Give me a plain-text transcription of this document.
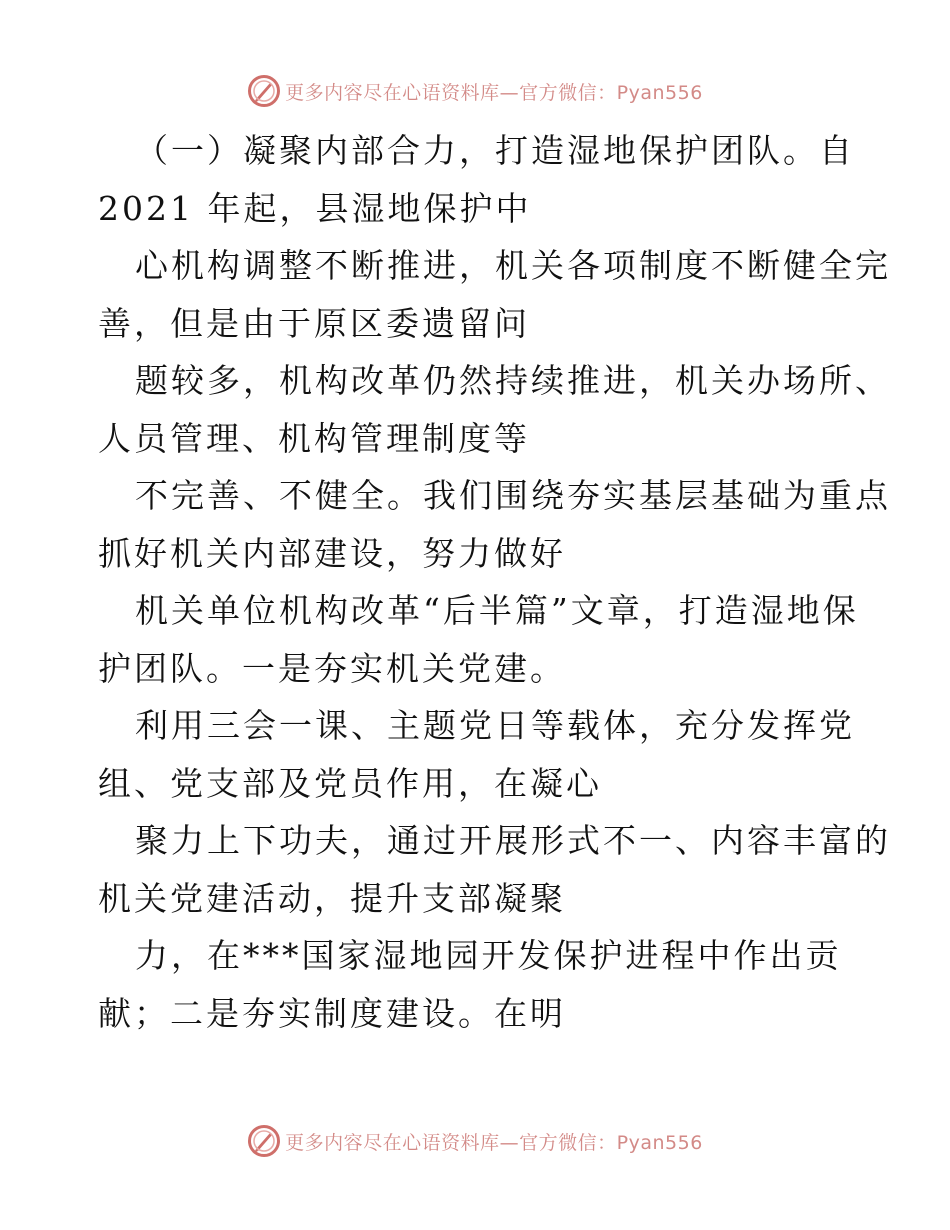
更多内容尽在心语资料库—官方微信：Pyan556
（一）凝聚内部合力，打造湿地保护团队。自
2021 年起，县湿地保护中
心机构调整不断推进，机关各项制度不断健全完
善，但是由于原区委遗留问
题较多，机构改革仍然持续推进，机关办场所、
人员管理、机构管理制度等
不完善、不健全。我们围绕夯实基层基础为重点
抓好机关内部建设，努力做好
机关单位机构改革“后半篇”文章，打造湿地保
护团队。一是夯实机关党建。
利用三会一课、主题党日等载体，充分发挥党
组、党支部及党员作用，在凝心
聚力上下功夫，通过开展形式不一、内容丰富的
机关党建活动，提升支部凝聚
力，在***国家湿地园开发保护进程中作出贡
献；二是夯实制度建设。在明
更多内容尽在心语资料库—官方微信：Pyan556
